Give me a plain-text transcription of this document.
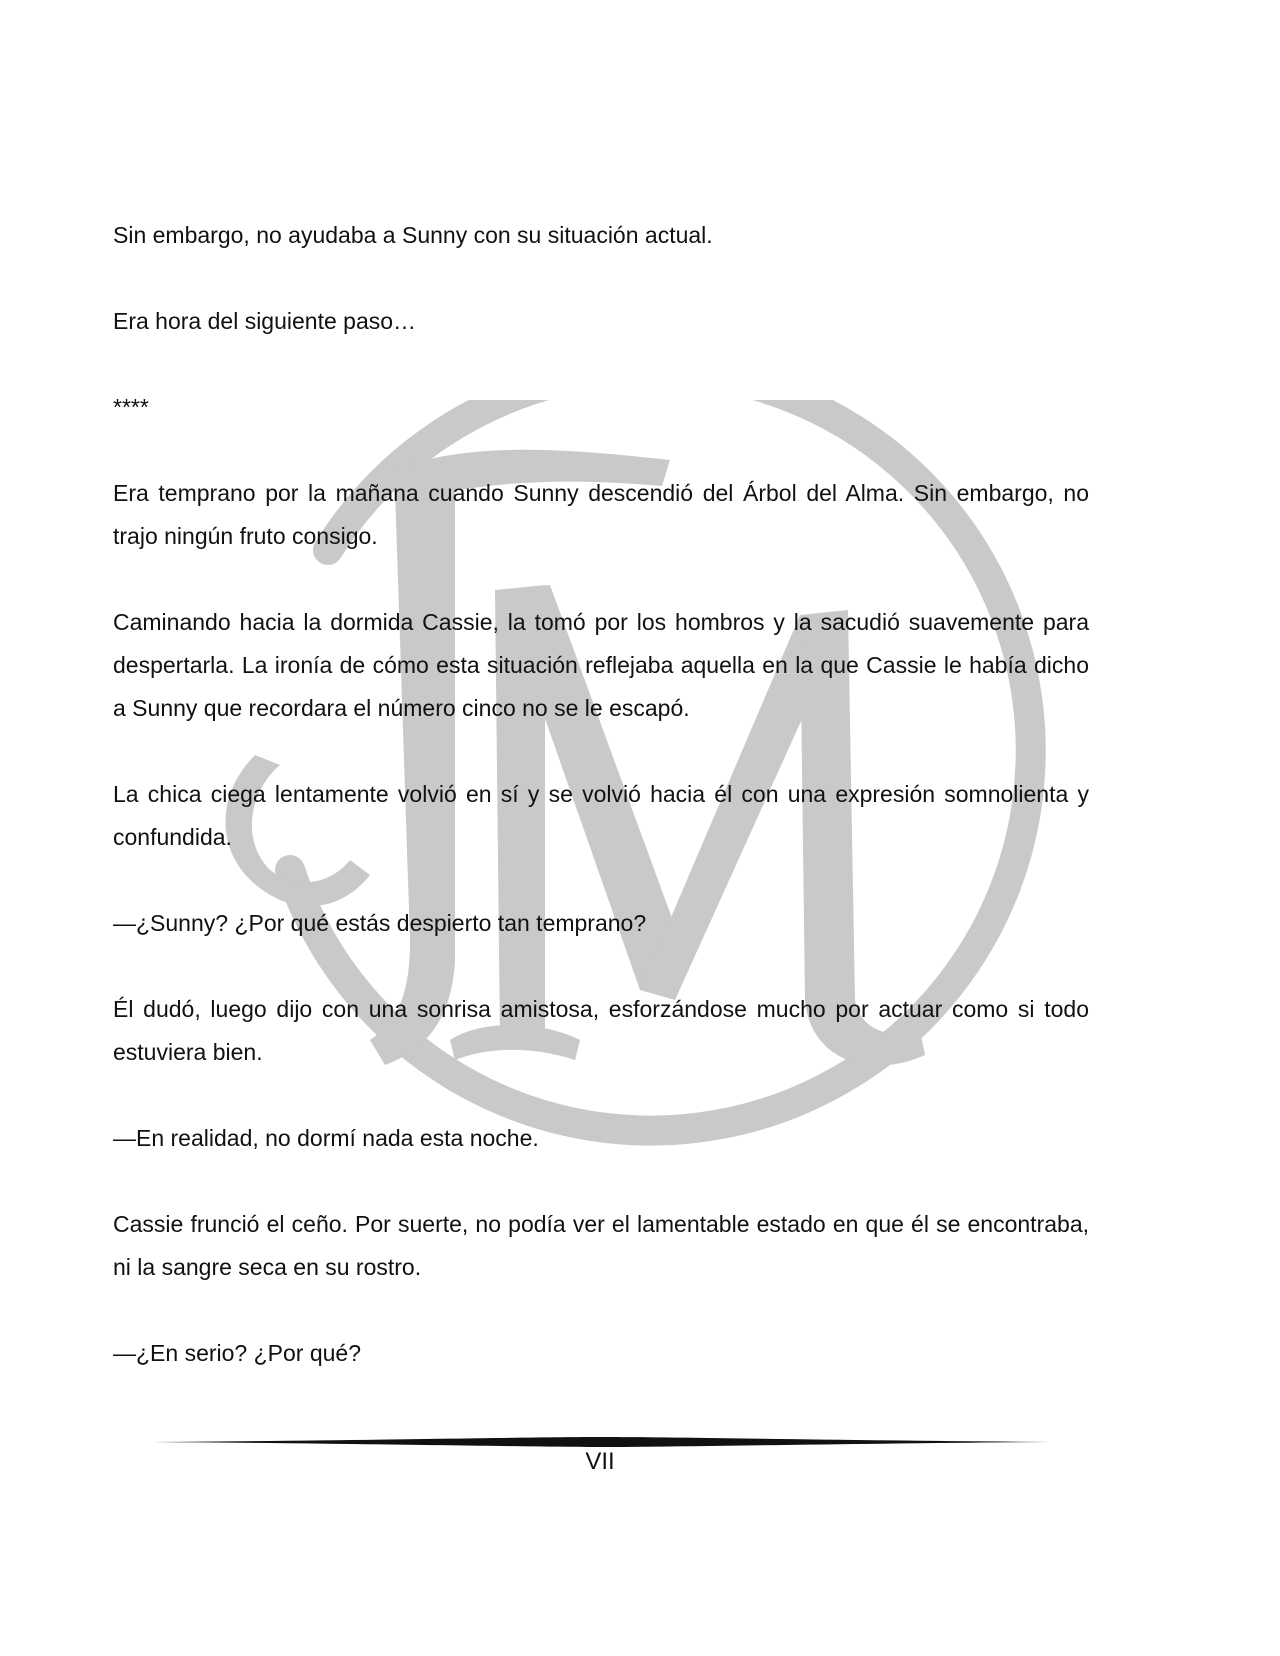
Sin embargo, no ayudaba a Sunny con su situación actual.

Era hora del siguiente paso…

****

Era temprano por la mañana cuando Sunny descendió del Árbol del Alma. Sin embargo, no trajo ningún fruto consigo.

Caminando hacia la dormida Cassie, la tomó por los hombros y la sacudió suavemente para despertarla. La ironía de cómo esta situación reflejaba aquella en la que Cassie le había dicho a Sunny que recordara el número cinco no se le escapó.

La chica ciega lentamente volvió en sí y se volvió hacia él con una expresión somnolienta y confundida.

—¿Sunny? ¿Por qué estás despierto tan temprano?

Él dudó, luego dijo con una sonrisa amistosa, esforzándose mucho por actuar como si todo estuviera bien.

—En realidad, no dormí nada esta noche.

Cassie frunció el ceño. Por suerte, no podía ver el lamentable estado en que él se encontraba, ni la sangre seca en su rostro.

—¿En serio? ¿Por qué?

VII
